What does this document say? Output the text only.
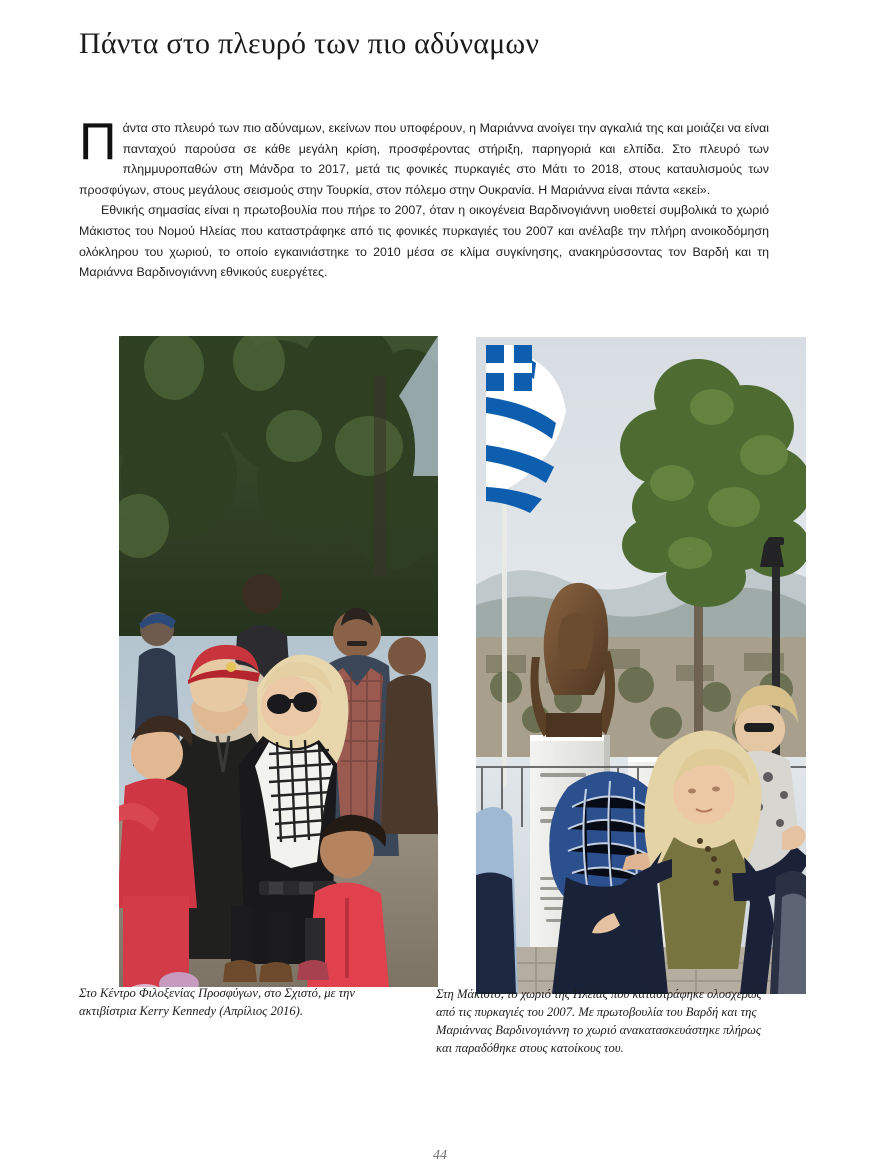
Πάντα στο πλευρό των πιο αδύναμων

Πάντα στο πλευρό των πιο αδύναμων, εκείνων που υποφέρουν, η Μαριάννα ανοίγει την αγκαλιά της και μοιάζει να είναι πανταχού παρούσα σε κάθε μεγάλη κρίση, προσφέροντας στήριξη, παρηγοριά και ελπίδα. Στο πλευρό των πλημμυροπαθών στη Μάνδρα το 2017, μετά τις φονικές πυρκαγιές στο Μάτι το 2018, στους καταυλισμούς των προσφύγων, στους μεγάλους σεισμούς στην Τουρκία, στον πόλεμο στην Ουκρανία. Η Μαριάννα είναι πάντα «εκεί».

Εθνικής σημασίας είναι η πρωτοβουλία που πήρε το 2007, όταν η οικογένεια Βαρδινογιάννη υιοθετεί συμβολικά το χωριό Μάκιστος του Νομού Ηλείας που καταστράφηκε από τις φονικές πυρκαγιές του 2007 και ανέλαβε την πλήρη ανοικοδόμηση ολόκληρου του χωριού, το οποίο εγκαινιάστηκε το 2010 μέσα σε κλίμα συγκίνησης, ανακηρύσσοντας τον Βαρδή και τη Μαριάννα Βαρδινογιάννη εθνικούς ευεργέτες.

Στο Κέντρο Φιλοξενίας Προσφύγων, στο Σχιστό, με την ακτιβίστρια Kerry Kennedy (Απρίλιος 2016).
Στη Μάκιστο, το χωριό της Ηλείας που καταστράφηκε ολοσχερώς από τις πυρκαγιές του 2007. Με πρωτοβουλία του Βαρδή και της Μαριάννας Βαρδινογιάννη το χωριό ανακατασκευάστηκε πλήρως και παραδόθηκε στους κατοίκους του.
44
